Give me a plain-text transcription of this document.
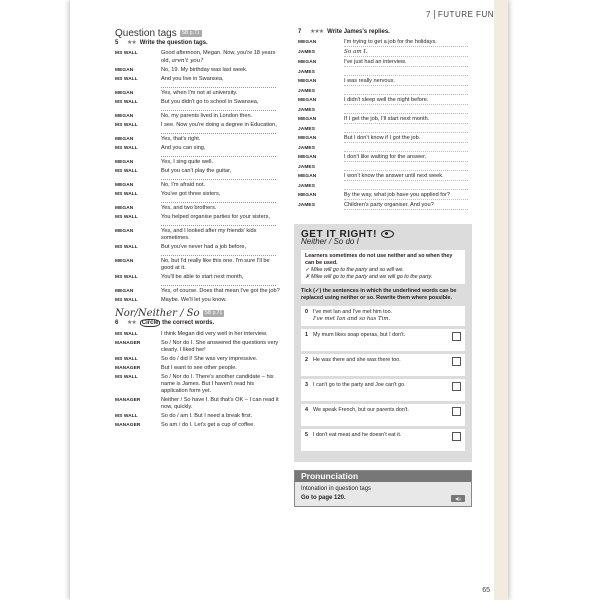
7 FUTURE FUN
Question tags	SB p.71
5	★★ Write the question tags.
MS WALL	Good afternoon, Megan. Now, you're 18 years old, aren't you?
MEGAN	No, 19. My birthday was last week.
MS WALL	And you live in Swansea,
MEGAN	Yes, when I'm not at university.
MS WALL	But you didn't go to school in Swansea,
MEGAN	No, my parents lived in London then.
MS WALL	I see. Now you're doing a degree in Education,
MEGAN	Yes, that's right.
MS WALL	And you can sing,
MEGAN	Yes, I sing quite well.
MS WALL	But you can't play the guitar,
MEGAN	No, I'm afraid not.
MS WALL	You've got three sisters,
MEGAN	Yes, and two brothers.
MS WALL	You helped organise parties for your sisters,
MEGAN	Yes, and I looked after my friends' kids sometimes.
MS WALL	But you've never had a job before,
MEGAN	No, but I'd really like this one. I'm sure I'll be good at it.
MS WALL	You'll be able to start next month,
MEGAN	Yes, of course. Does that mean I've got the job?
MS WALL	Maybe. We'll let you know.
Nor/Neither / So	SB p.71
6	★★	Circle the correct words.
MS WALL	I think Megan did very well in her interview.
MANAGER	So / Nor do I. She answered the questions very clearly. I liked her!
MS WALL	So do / did I! She was very impressive.
MANAGER	But I want to see other people.
MS WALL	So / Nor do I. There's another candidate – his name is James. But I haven't read his application form yet.
MANAGER	Neither / So have I. But that's OK – I can read it now, quickly.
MS WALL	So do / am I. But I need a break first.
MANAGER	So am / do I. Let's get a cup of coffee.
7	★★★ Write James's replies.
MEGAN	I'm trying to get a job for the holidays.
JAMES	So am I.
MEGAN	I've just had an interview.
JAMES
MEGAN	I was really nervous.
JAMES
MEGAN	I didn't sleep well the night before.
JAMES
MEGAN	If I get the job, I'll start next month.
JAMES
MEGAN	But I don't know if I got the job.
JAMES
MEGAN	I don't like waiting for the answer.
JAMES
MEGAN	I won't know the answer until next week.
JAMES
MEGAN	By the way, what job have you applied for?
JAMES	Children's party organiser. And you?
GET IT RIGHT!
Neither / So do I
Learners sometimes do not use neither and so when they can be used.
✓ Mike will go to the party and so will we.
✗ Mike will go to the party and we will go to the party.
Tick (✓) the sentences in which the underlined words can be replaced using neither or so. Rewrite them where possible.
0 I've met Ian and I've met him too.
I've met Ian and so has Tim.
1 My mum likes soap operas, but I don't.
2 He was there and she was there too.
3 I can't go to the party and Joe can't go.
4 We speak French, but our parents don't.
5 I don't eat meat and he doesn't eat it.
Pronunciation
Intonation in question tags
Go to page 120.	◀))
65
